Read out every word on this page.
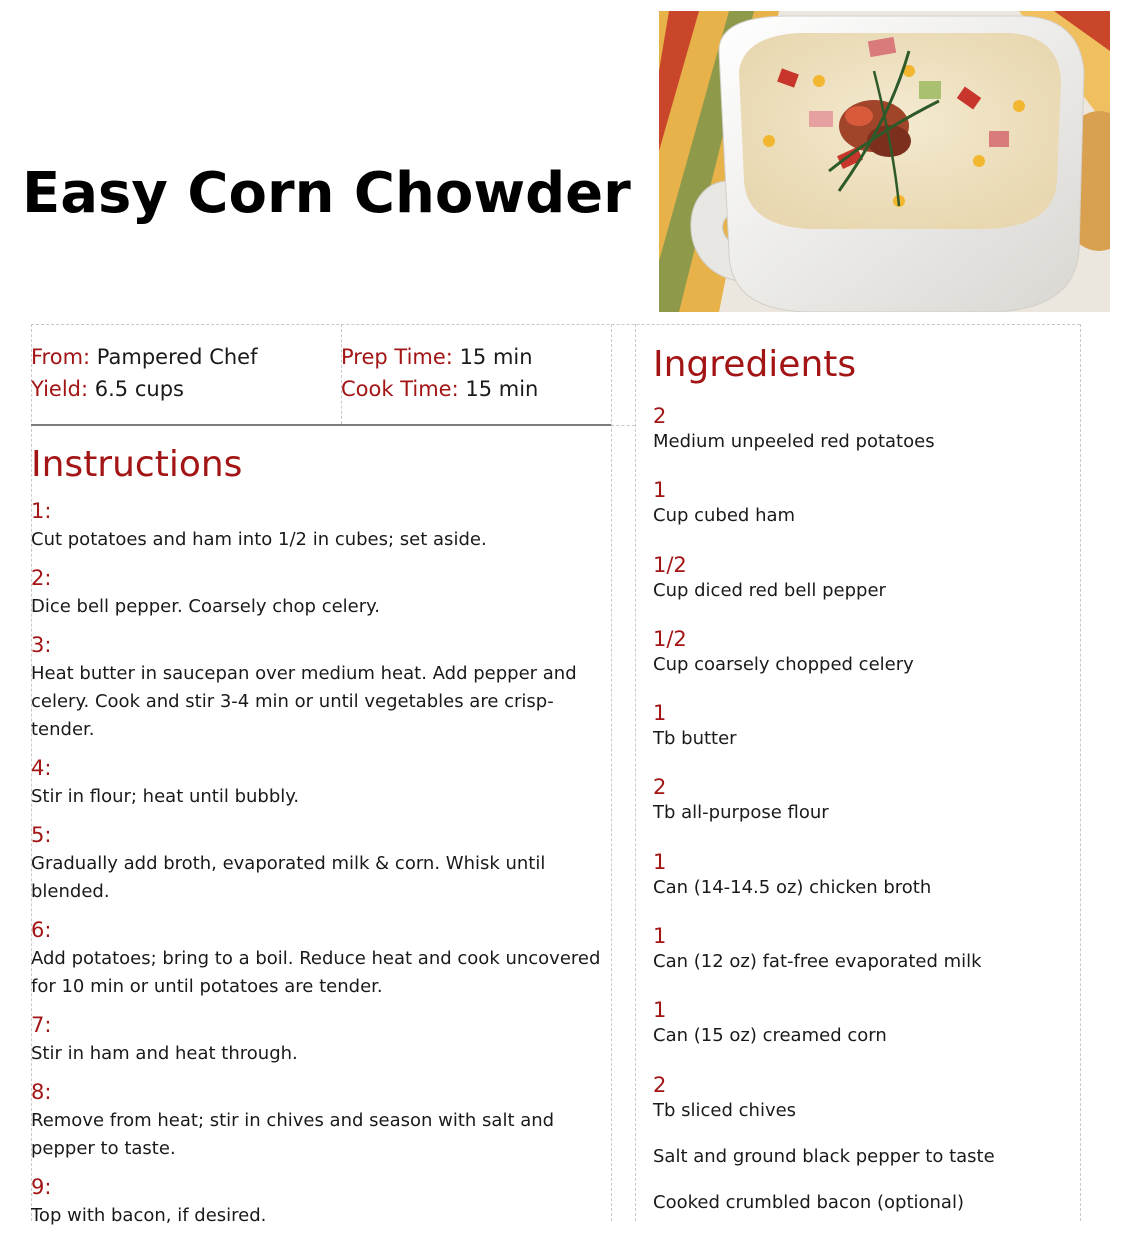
Easy Corn Chowder
From: Pampered Chef
Yield: 6.5 cups
Prep Time: 15 min
Cook Time: 15 min
Instructions
1:
Cut potatoes and ham into 1/2 in cubes; set aside.
2:
Dice bell pepper. Coarsely chop celery.
3:
Heat butter in saucepan over medium heat. Add pepper and celery. Cook and stir 3-4 min or until vegetables are crisp-tender.
4:
Stir in flour; heat until bubbly.
5:
Gradually add broth, evaporated milk & corn. Whisk until blended.
6:
Add potatoes; bring to a boil. Reduce heat and cook uncovered for 10 min or until potatoes are tender.
7:
Stir in ham and heat through.
8:
Remove from heat; stir in chives and season with salt and pepper to taste.
9:
Top with bacon, if desired.
Ingredients
2
Medium unpeeled red potatoes
1
Cup cubed ham
1/2
Cup diced red bell pepper
1/2
Cup coarsely chopped celery
1
Tb butter
2
Tb all-purpose flour
1
Can (14-14.5 oz) chicken broth
1
Can (12 oz) fat-free evaporated milk
1
Can (15 oz) creamed corn
2
Tb sliced chives
Salt and ground black pepper to taste
Cooked crumbled bacon (optional)
